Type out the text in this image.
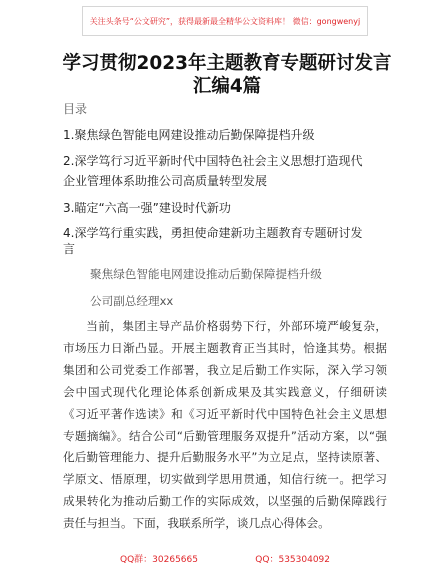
关注头条号“公文研究”，获得最新最全精华公文资料库！ 微信：gongwenyj
学习贯彻2023年主题教育专题研讨发言汇编4篇

目录

1.聚焦绿色智能电网建设推动后勤保障提档升级

2.深学笃行习近平新时代中国特色社会主义思想打造现代

企业管理体系助推公司高质量转型发展

3.瞄定“六高一强”建设时代新功

4.深学笃行重实践，勇担使命建新功主题教育专题研讨发

言

聚焦绿色智能电网建设推动后勤保障提档升级

公司副总经理xx

当前，集团主导产品价格弱势下行，外部环境严峻复杂，市场压力日渐凸显。开展主题教育正当其时，恰逢其势。根据集团和公司党委工作部署，我立足后勤工作实际，深入学习领会中国式现代化理论体系创新成果及其实践意义，仔细研读《习近平著作选读》和《习近平新时代中国特色社会主义思想专题摘编》。结合公司“后勤管理服务双提升”活动方案，以“强化后勤管理能力、提升后勤服务水平”为立足点，坚持读原著、学原文、悟原理，切实做到学思用贯通，知信行统一。把学习成果转化为推动后勤工作的实际成效，以坚强的后勤保障践行责任与担当。下面，我联系所学，谈几点心得体会。

QQ群：30265665	QQ：535304092
